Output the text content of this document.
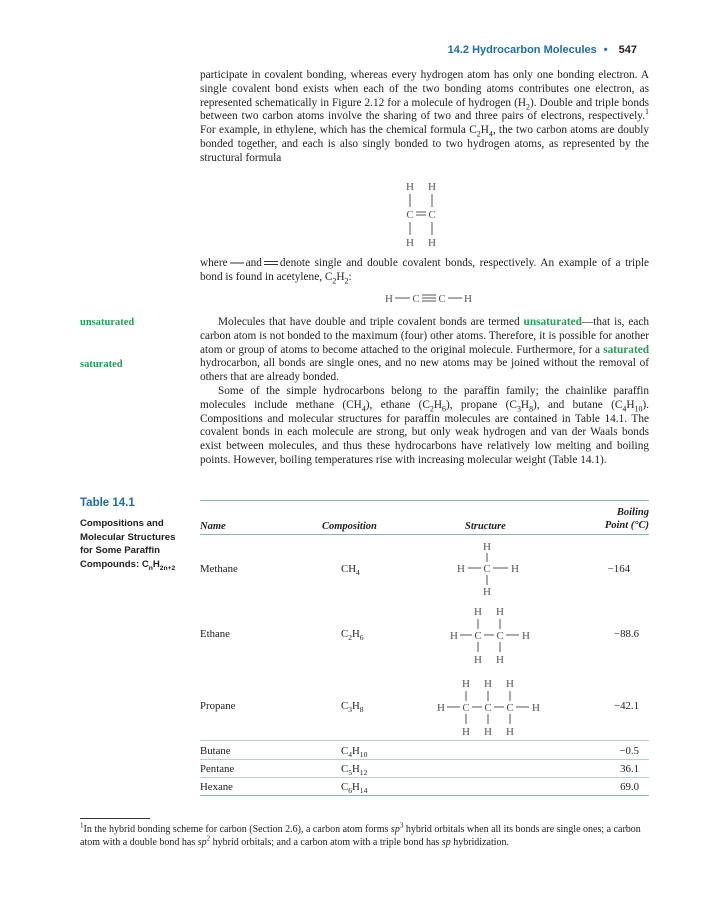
14.2 Hydrocarbon Molecules • 547

participate in covalent bonding, whereas every hydrogen atom has only one bonding electron. A single covalent bond exists when each of the two bonding atoms contributes one electron, as represented schematically in Figure 2.12 for a molecule of hydrogen $(H_2)$. Double and triple bonds between two carbon atoms involve the sharing of two and three pairs of electrons, respectively.$^1$ For example, in ethylene, which has the chemical formula $C_2H_4$, the two carbon atoms are doubly bonded together, and each is also singly bonded to two hydrogen atoms, as represented by the structural formula

H H
C C
H H

where and denote single and double covalent bonds, respectively. An example of a triple bond is found in acetylene, $C_2H_2$:

H C C H
unsaturated
saturated

Molecules that have double and triple covalent bonds are termed unsaturated—that is, each carbon atom is not bonded to the maximum (four) other atoms. Therefore, it is possible for another atom or group of atoms to become attached to the original molecule. Furthermore, for a saturated hydrocarbon, all bonds are single ones, and no new atoms may be joined without the removal of others that are already bonded.

Some of the simple hydrocarbons belong to the paraffin family; the chainlike paraffin molecules include methane $(CH_4)$, ethane $(C_2H_6)$, propane $(C_3H_8)$, and butane $(C_4H_{10})$. Compositions and molecular structures for paraffin molecules are contained in Table 14.1. The covalent bonds in each molecule are strong, but only weak hydrogen and van der Waals bonds exist between molecules, and thus these hydrocarbons have relatively low melting and boiling points. However, boiling temperatures rise with increasing molecular weight (Table 14.1).

Table 14.1
Compositions and Molecular Structures for Some Paraffin Compounds: $C_nH_{2n+2}$
Name	Composition	Structure
Boiling
Point (°C)
Methane	$CH_4$	−164
H
H C H
H
Ethane	$C_2H_6$	−88.6
H H
H C C H
H H
Propane	$C_3H_8$	−42.1
H H H
H C C C H
H H H
Butane	$C_4H_{10}$	−0.5
Pentane	$C_5H_{12}$	36.1
Hexane	$C_6H_{14}$	69.0
$^1$In the hybrid bonding scheme for carbon (Section 2.6), a carbon atom forms $sp^3$ hybrid orbitals when all its bonds are single ones; a carbon atom with a double bond has $sp^2$ hybrid orbitals; and a carbon atom with a triple bond has sp hybridization.
